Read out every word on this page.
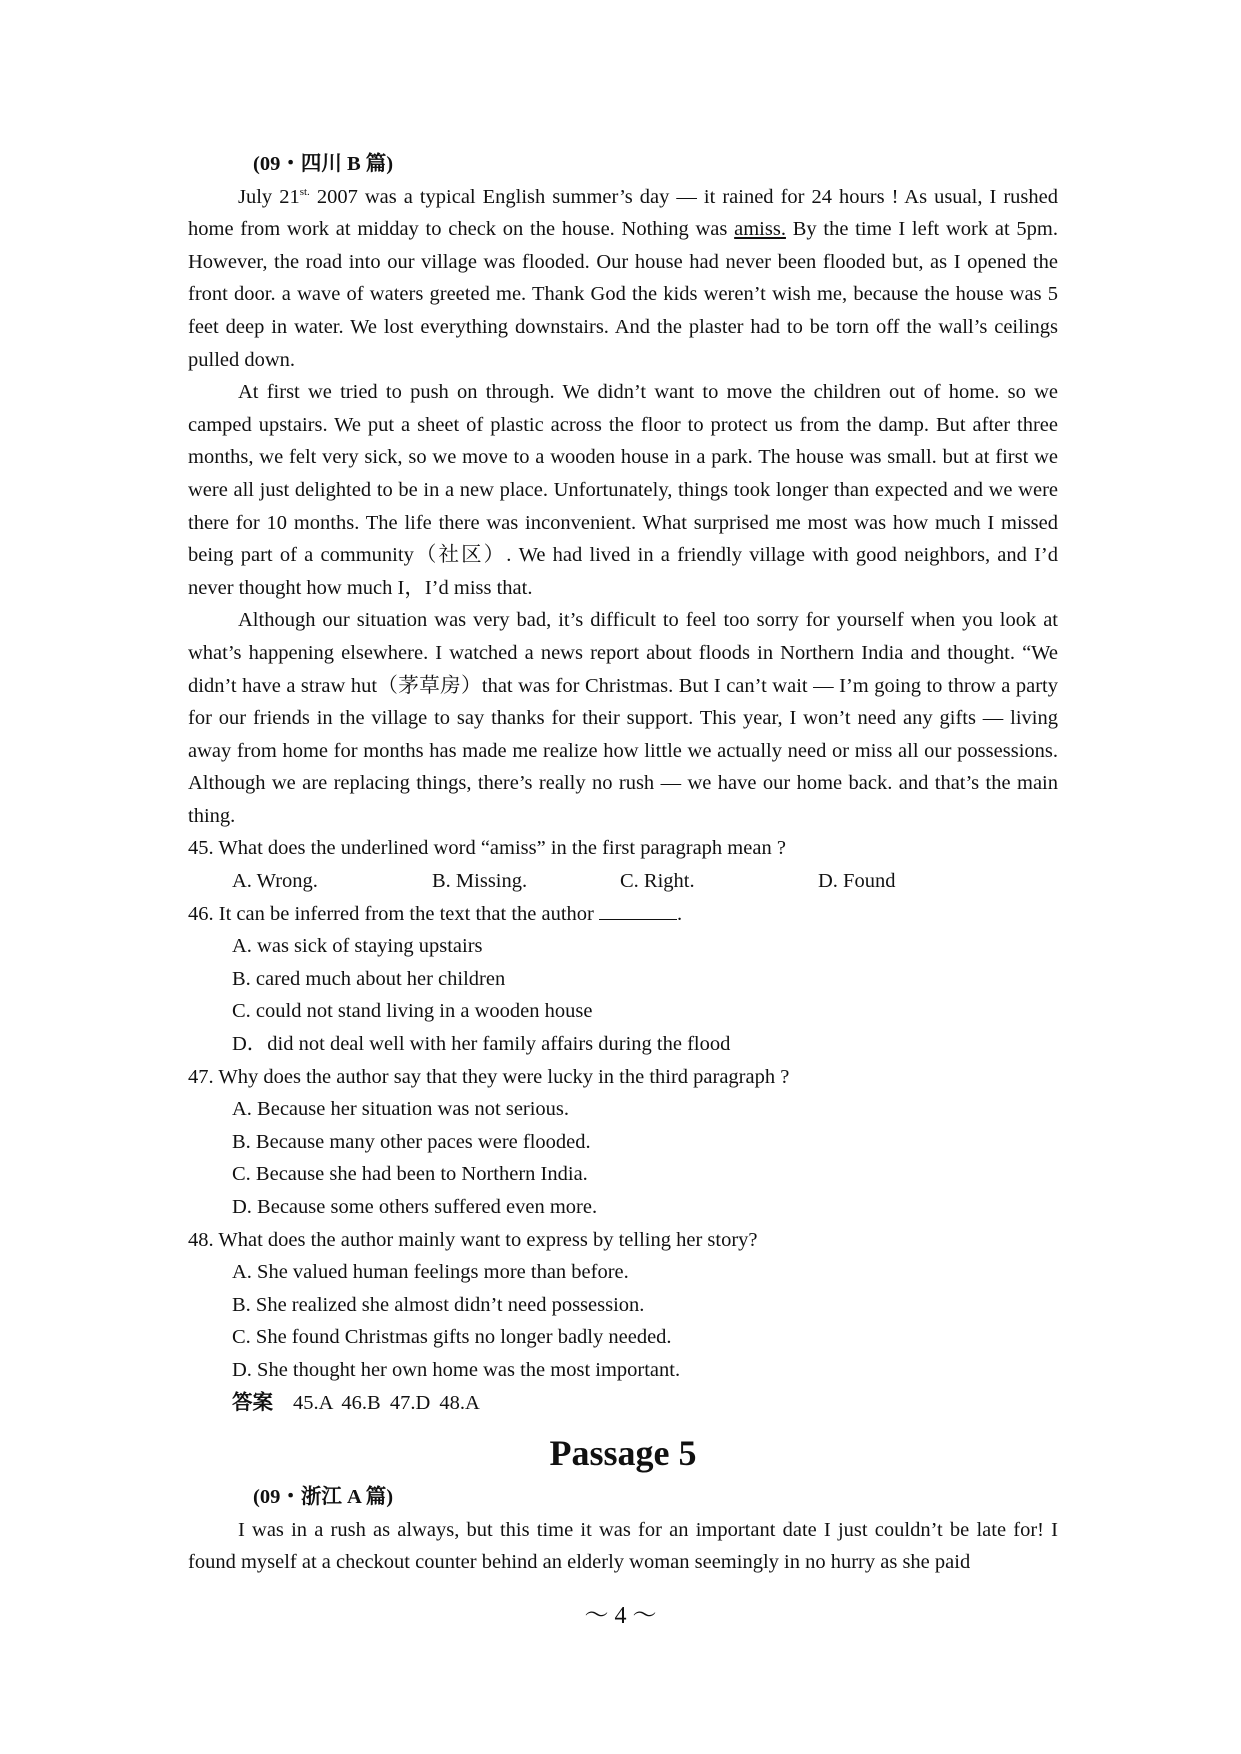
(09・四川 B 篇)

July $21^{st.}$ 2007 was a typical English summer’s day — it rained for 24 hours ! As usual, I rushed home from work at midday to check on the house. Nothing was amiss. By the time I left work at 5pm. However, the road into our village was flooded. Our house had never been flooded but, as I opened the front door. a wave of waters greeted me. Thank God the kids weren’t wish me, because the house was 5 feet deep in water. We lost everything downstairs. And the plaster had to be torn off the wall’s ceilings pulled down.

At first we tried to push on through. We didn’t want to move the children out of home. so we camped upstairs. We put a sheet of plastic across the floor to protect us from the damp. But after three months, we felt very sick, so we move to a wooden house in a park. The house was small. but at first we were all just delighted to be in a new place. Unfortunately, things took longer than expected and we were there for 10 months. The life there was inconvenient. What surprised me most was how much I missed being part of a community（社区）. We had lived in a friendly village with good neighbors, and I’d never thought how much I，I’d miss that.

Although our situation was very bad, it’s difficult to feel too sorry for yourself when you look at what’s happening elsewhere. I watched a news report about floods in Northern India and thought. “We didn’t have a straw hut（茅草房）that was for Christmas. But I can’t wait — I’m going to throw a party for our friends in the village to say thanks for their support. This year, I won’t need any gifts — living away from home for months has made me realize how little we actually need or miss all our possessions. Although we are replacing things, there’s really no rush — we have our home back. and that’s the main thing.

45. What does the underlined word “amiss” in the first paragraph mean ?
A. Wrong.	B. Missing.	C. Right.	D. Found
46. It can be inferred from the text that the author	.
A. was sick of staying upstairs
B. cared much about her children
C. could not stand living in a wooden house
D．did not deal well with her family affairs during the flood
47. Why does the author say that they were lucky in the third paragraph ?
A. Because her situation was not serious.
B. Because many other paces were flooded.
C. Because she had been to Northern India.
D. Because some others suffered even more.
48. What does the author mainly want to express by telling her story?
A. She valued human feelings more than before.
B. She realized she almost didn’t need possession.
C. She found Christmas gifts no longer badly needed.
D. She thought her own home was the most important.
答案 45.A 46.B 47.D 48.A
Passage 5
(09・浙江 A 篇)

I was in a rush as always, but this time it was for an important date I just couldn’t be late for! I found myself at a checkout counter behind an elderly woman seemingly in no hurry as she paid

～ 4 ～
